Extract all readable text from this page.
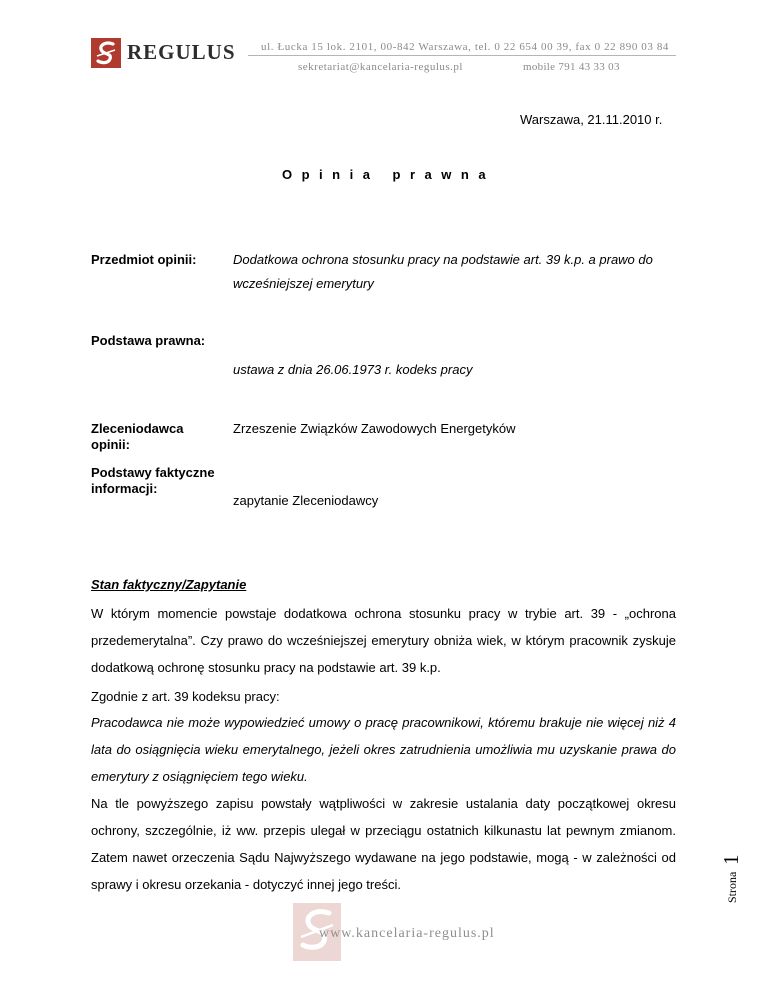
REGULUS ul. Łucka 15 lok. 2101, 00-842 Warszawa, tel. 0 22 654 00 39, fax 0 22 890 03 84
sekretariat@kancelaria-regulus.pl	mobile 791 43 33 03
Warszawa, 21.11.2010 r.
Opinia prawna
Przedmiot opinii:	Dodatkowa ochrona stosunku pracy na podstawie art. 39 k.p. a prawo do
wcześniejszej emerytury
Podstawa prawna:
ustawa z dnia 26.06.1973 r. kodeks pracy
Zleceniodawca
opinii:
Zrzeszenie Związków Zawodowych Energetyków
Podstawy faktyczne
informacji:
zapytanie Zleceniodawcy
Stan faktyczny/Zapytanie
W którym momencie powstaje dodatkowa ochrona stosunku pracy w trybie art. 39 - „ochrona przedemerytalna”. Czy prawo do wcześniejszej emerytury obniża wiek, w którym pracownik zyskuje dodatkową ochronę stosunku pracy na podstawie art. 39 k.p.
Zgodnie z art. 39 kodeksu pracy:
Pracodawca nie może wypowiedzieć umowy o pracę pracownikowi, któremu brakuje nie więcej niż 4 lata do osiągnięcia wieku emerytalnego, jeżeli okres zatrudnienia umożliwia mu uzyskanie prawa do emerytury z osiągnięciem tego wieku.
Na tle powyższego zapisu powstały wątpliwości w zakresie ustalania daty początkowej okresu ochrony, szczególnie, iż ww. przepis ulegał w przeciągu ostatnich kilkunastu lat pewnym zmianom. Zatem nawet orzeczenia Sądu Najwyższego wydawane na jego podstawie, mogą - w zależności od sprawy i okresu orzekania - dotyczyć innej jego treści.	Strona
1
www.kancelaria-regulus.pl
